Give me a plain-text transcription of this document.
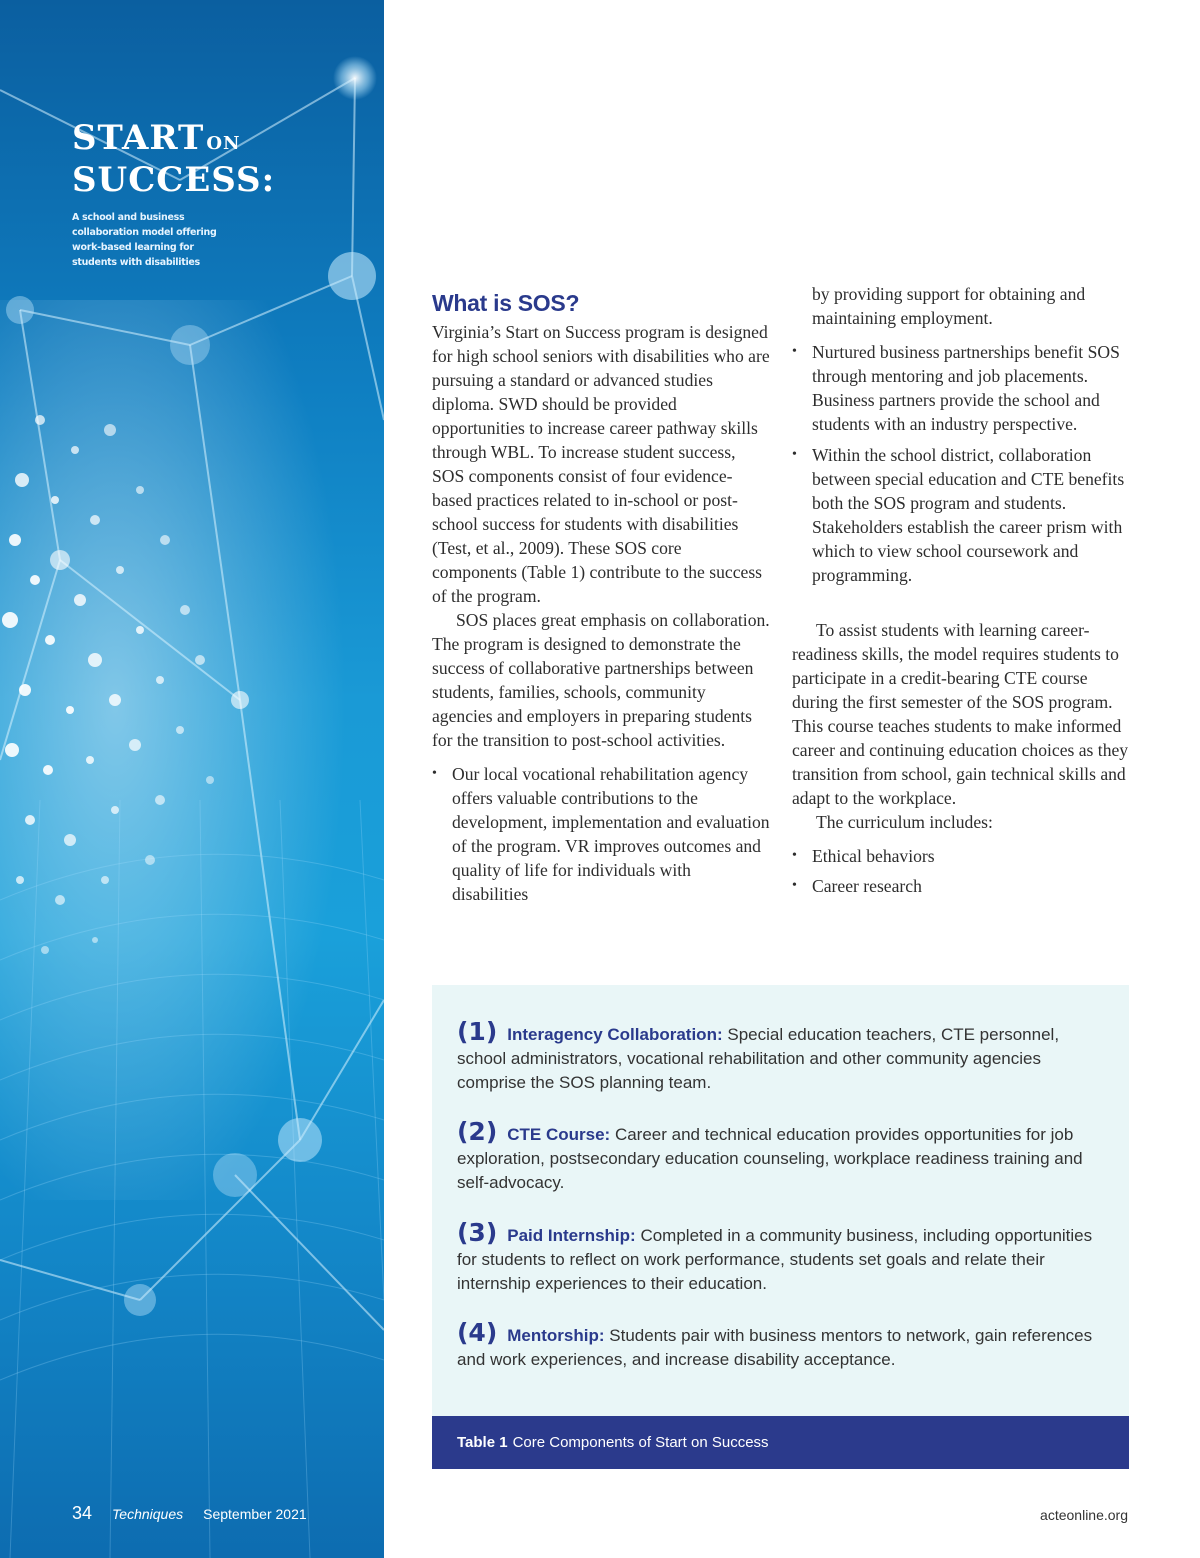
START ON
SUCCESS:
A school and business collaboration model offering work-based learning for students with disabilities
34 Techniques September 2021
What is SOS?

Virginia’s Start on Success program is designed for high school seniors with disabilities who are pursuing a standard or advanced studies diploma. SWD should be provided opportunities to increase career pathway skills through WBL. To increase student success, SOS components consist of four evidence-based practices related to in-school or post-school success for students with disabilities (Test, et al., 2009). These SOS core components (Table 1) contribute to the success of the program.

SOS places great emphasis on collaboration. The program is designed to demonstrate the success of collaborative partnerships between students, families, schools, community agencies and employers in preparing students for the transition to post-school activities.

• Our local vocational rehabilitation agency offers valuable contributions to the development, implementation and evaluation of the program. VR improves outcomes and quality of life for individuals with disabilities

by providing support for obtaining and maintaining employment.

• Nurtured business partnerships benefit SOS through mentoring and job placements. Business partners provide the school and students with an industry perspective.
• Within the school district, collaboration between special education and CTE benefits both the SOS program and students. Stakeholders establish the career prism with which to view school coursework and programming.

To assist students with learning career-readiness skills, the model requires students to participate in a credit-bearing CTE course during the first semester of the SOS program. This course teaches students to make informed career and continuing education choices as they transition from school, gain technical skills and adapt to the workplace.

The curriculum includes:

• Ethical behaviors
• Career research
(1) Interagency Collaboration: Special education teachers, CTE personnel, school administrators, vocational rehabilitation and other community agencies comprise the SOS planning team.
(2) CTE Course: Career and technical education provides opportunities for job exploration, postsecondary education counseling, workplace readiness training and self-advocacy.
(3) Paid Internship: Completed in a community business, including opportunities for students to reflect on work performance, students set goals and relate their internship experiences to their education.
(4) Mentorship: Students pair with business mentors to network, gain references and work experiences, and increase disability acceptance.
Table 1 Core Components of Start on Success
acteonline.org
